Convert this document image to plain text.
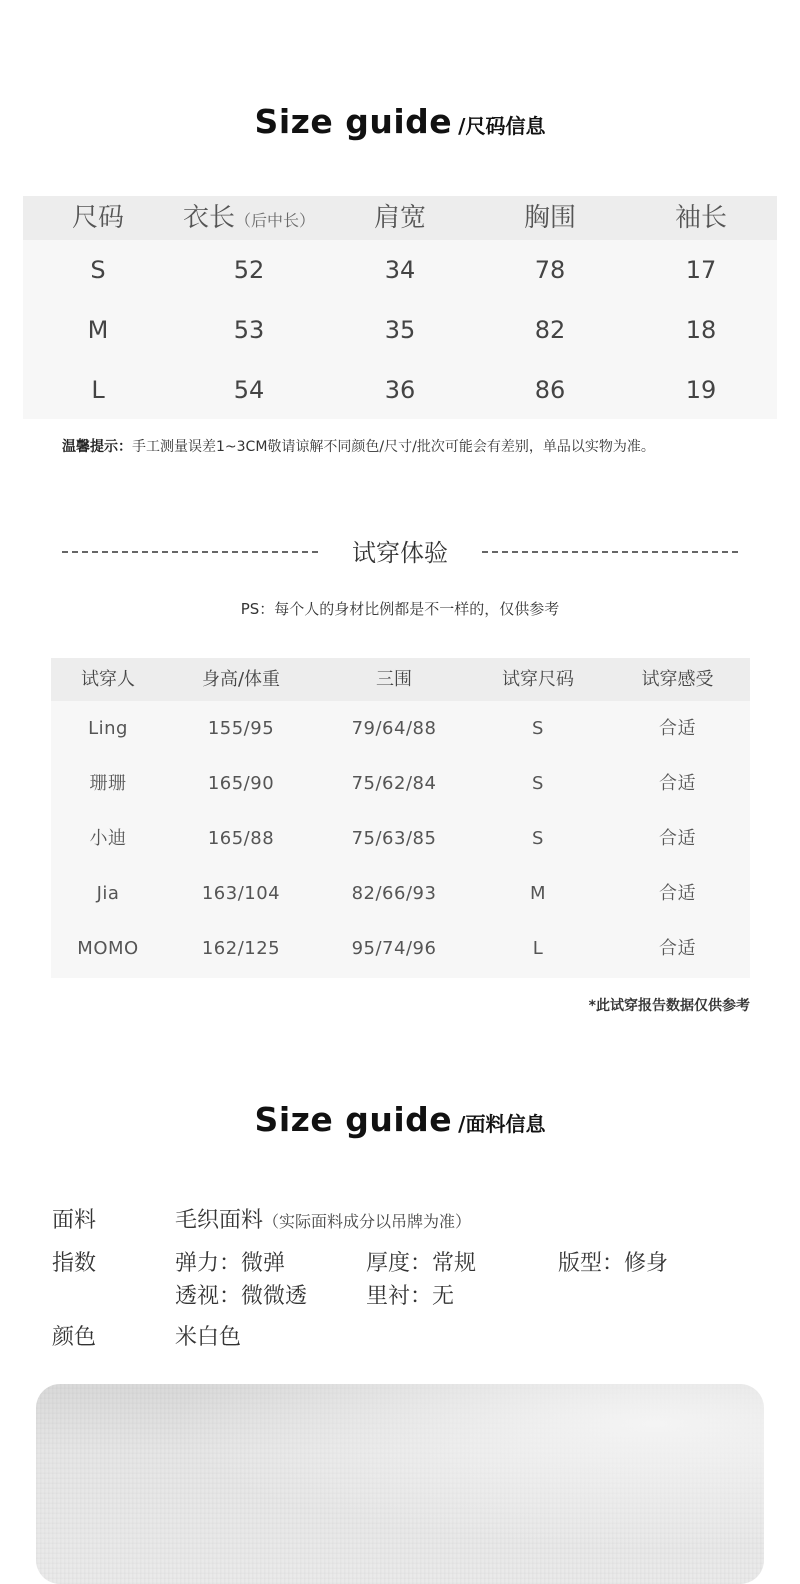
Size guide /尺码信息
尺码	衣长（后中长）	肩宽	胸围	袖长
S	52	34	78	17
M	53	35	82	18
L	54	36	86	19
温馨提示：手工测量误差1~3CM敬请谅解不同颜色/尺寸/批次可能会有差别，单品以实物为准。
试穿体验
PS：每个人的身材比例都是不一样的，仅供参考
试穿人	身高/体重	三围	试穿尺码	试穿感受
Ling	155/95	79/64/88	S	合适
珊珊	165/90	75/62/84	S	合适
小迪	165/88	75/63/85	S	合适
Jia	163/104	82/66/93	M	合适
MOMO	162/125	95/74/96	L	合适
*此试穿报告数据仅供参考
Size guide /面料信息
面料	毛织面料（实际面料成分以吊牌为准）
指数	弹力：微弹	厚度：常规	版型：修身
透视：微微透	里衬：无
颜色	米白色
